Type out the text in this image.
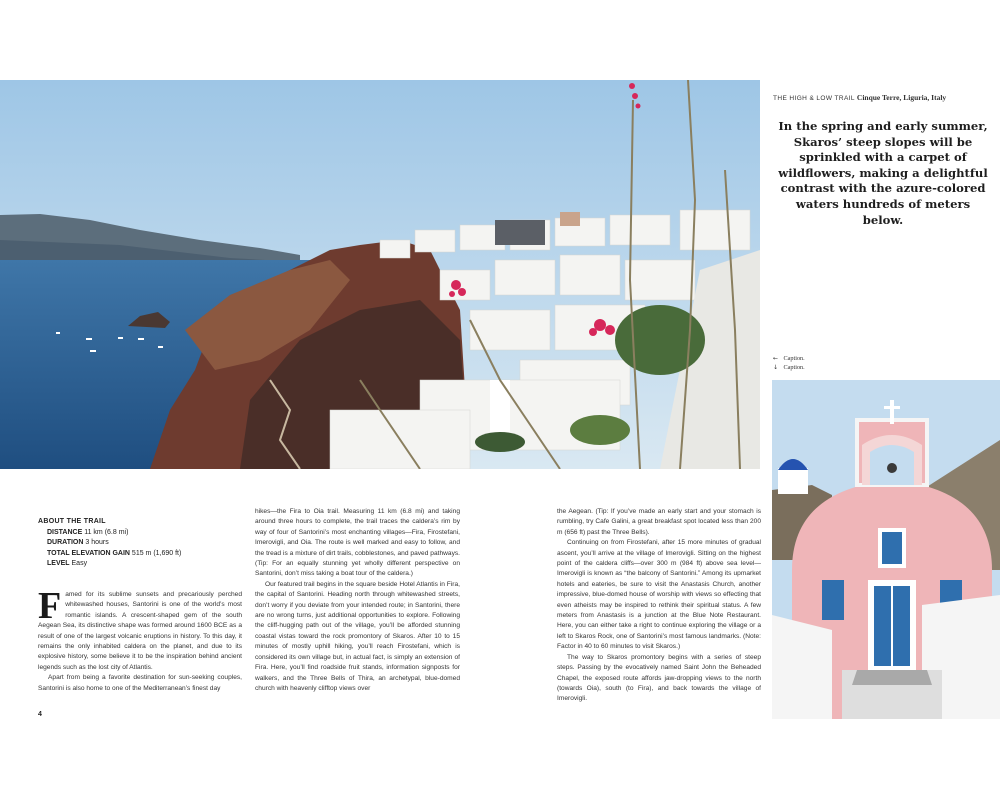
THE HIGH & LOW TRAIL Cinque Terre, Liguria, Italy

In the spring and early summer, Skaros’ steep slopes will be sprinkled with a carpet of wildflowers, making a delightful contrast with the azure-colored waters hundreds of meters below.

← Caption.
↓ Caption.
ABOUT THE TRAIL
DISTANCE 11 km (6.8 mi)
DURATION 3 hours
TOTAL ELEVATION GAIN 515 m (1,690 ft)
LEVEL Easy

Famed for its sublime sunsets and precariously perched whitewashed houses, Santorini is one of the world’s most romantic islands. A crescent-shaped gem of the south Aegean Sea, its distinctive shape was formed around 1600 BCE as a result of one of the largest volcanic eruptions in history. To this day, it remains the only inhabited caldera on the planet, and due to its explosive history, some believe it to be the inspiration behind ancient legends such as the lost city of Atlantis.

Apart from being a favorite destination for sun-seeking couples, Santorini is also home to one of the Mediterranean’s finest day

hikes—the Fira to Oia trail. Measuring 11 km (6.8 mi) and taking around three hours to complete, the trail traces the caldera’s rim by way of four of Santorini’s most enchanting villages—Fira, Firostefani, Imerovigli, and Oia. The route is well marked and easy to follow, and the tread is a mixture of dirt trails, cobblestones, and paved pathways. (Tip: For an equally stunning yet wholly different perspective on Santorini, don’t miss taking a boat tour of the caldera.)

Our featured trail begins in the square beside Hotel Atlantis in Fira, the capital of Santorini. Heading north through whitewashed streets, don’t worry if you deviate from your intended route; in Santorini, there are no wrong turns, just additional opportunities to explore. Following the cliff-hugging path out of the village, you’ll be afforded stunning coastal vistas toward the rock promontory of Skaros. After 10 to 15 minutes of mostly uphill hiking, you’ll reach Firostefani, which is considered its own village but, in actual fact, is simply an extension of Fira. Here, you’ll find roadside fruit stands, information signposts for walkers, and the Three Bells of Thira, an archetypal, blue-domed church with heavenly clifftop views over

the Aegean. (Tip: If you’ve made an early start and your stomach is rumbling, try Cafe Galini, a great breakfast spot located less than 200 m (656 ft) past the Three Bells).

Continuing on from Firostefani, after 15 more minutes of gradual ascent, you’ll arrive at the village of Imerovigli. Sitting on the highest point of the caldera cliffs—over 300 m (984 ft) above sea level—Imerovigli is known as “the balcony of Santorini.” Among its upmarket hotels and eateries, be sure to visit the Anastasis Church, another impressive, blue-domed house of worship with views so effecting that even atheists may be inspired to rethink their spiritual status. A few meters from Anastasis is a junction at the Blue Note Restaurant. Here, you can either take a right to continue exploring the village or a left to Skaros Rock, one of Santorini’s most famous landmarks. (Note: Factor in 40 to 60 minutes to visit Skaros.)

The way to Skaros promontory begins with a series of steep steps. Passing by the evocatively named Saint John the Beheaded Chapel, the exposed route affords jaw-dropping views to the north (towards Oia), south (to Fira), and back towards the village of Imerovigli.

4
